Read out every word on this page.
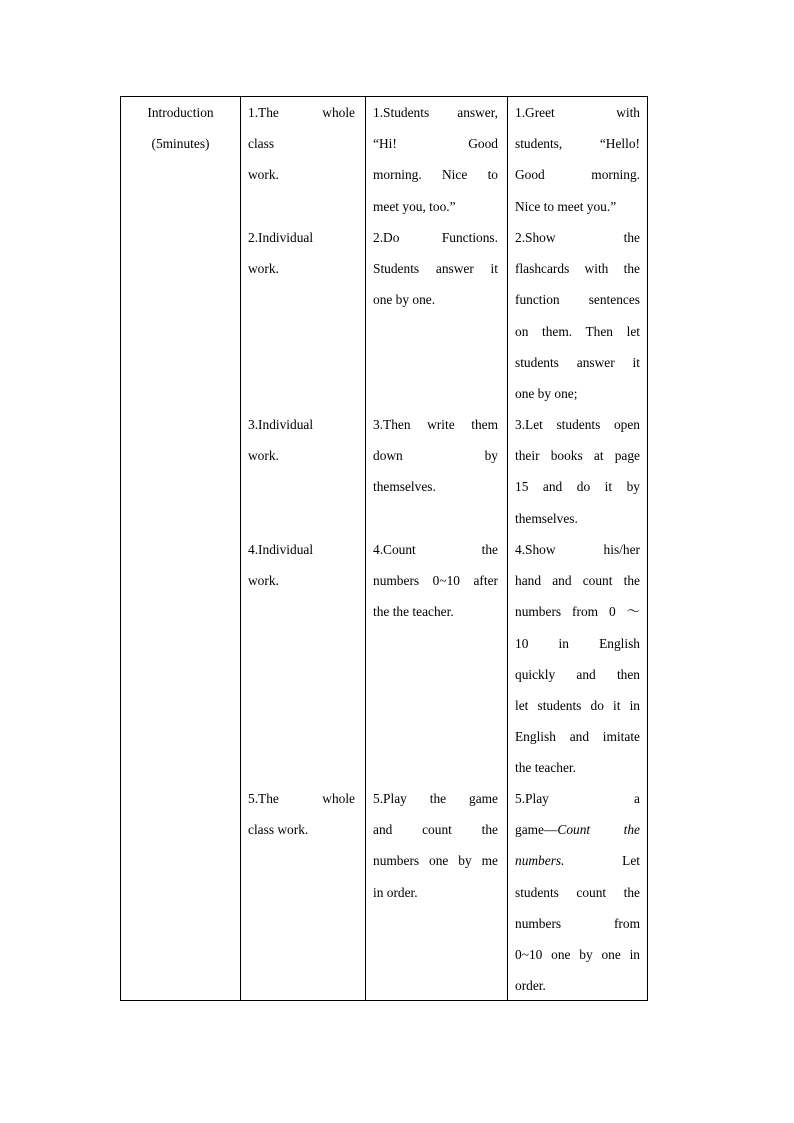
Introduction
(5minutes)
1.The whole
class
work.
2.Individual
work.
3.Individual
work.
4.Individual
work.
5.The whole
class work.
1.Students answer,
“Hi! Good
morning. Nice to
meet you, too.”
2.Do Functions.
Students answer it
one by one.
3.Then write them
down by
themselves.
4.Count the
numbers 0~10 after
the the teacher.
5.Play the game
and count the
numbers one by me
in order.
1.Greet with
students, “Hello!
Good morning.
Nice to meet you.”
2.Show the
flashcards with the
function sentences
on them. Then let
students answer it
one by one;
3.Let students open
their books at page
15 and do it by
themselves.
4.Show his/her
hand and count the
numbers from 0 ～
10 in English
quickly and then
let students do it in
English and imitate
the teacher.
5.Play a
game—Count the
numbers. Let
students count the
numbers from
0~10 one by one in
order.
